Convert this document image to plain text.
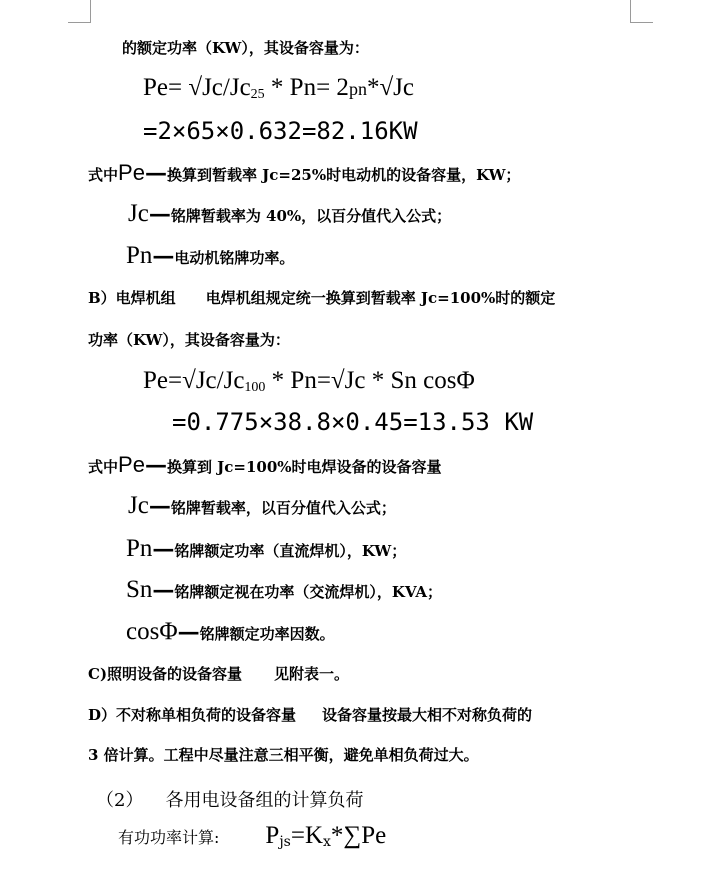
的额定功率（KW），其设备容量为：
$Pe= √Jc/Jc_{25} * Pn= 2pn*√Jc$
=2×65×0.632=82.16KW
式中Pe—换算到暂载率 Jc=25%时电动机的设备容量，KW；
Jc—铭牌暂载率为 40%，以百分值代入公式；
Pn—电动机铭牌功率。
B）电焊机组 电焊机组规定统一换算到暂载率 Jc=100%时的额定
功率（KW），其设备容量为：
$Pe=√Jc/Jc_{100} * Pn=√Jc * Sn$ cosΦ
=0.775×38.8×0.45=13.53 KW
式中Pe—换算到 Jc=100%时电焊设备的设备容量
Jc—铭牌暂载率，以百分值代入公式；
Pn—铭牌额定功率（直流焊机），KW；
Sn—铭牌额定视在功率（交流焊机），KVA；
cosΦ—铭牌额定功率因数。
C)照明设备的设备容量 见附表一。
D）不对称单相负荷的设备容量 设备容量按最大相不对称负荷的
3 倍计算。工程中尽量注意三相平衡，避免单相负荷过大。
（2） 各用电设备组的计算负荷
有功功率计算: Pjs=Kx*∑Pe
